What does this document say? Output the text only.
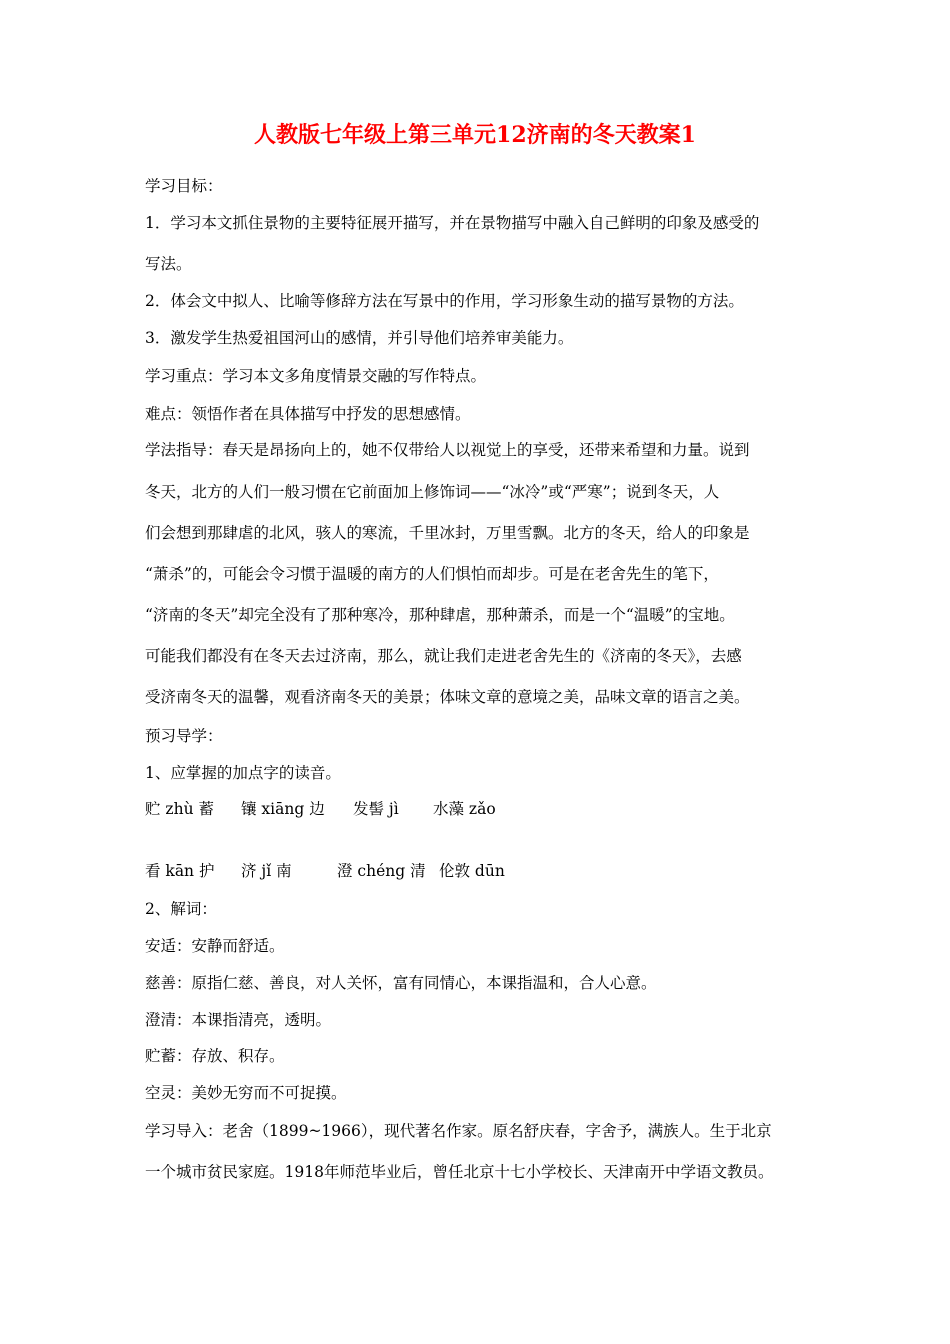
人教版七年级上第三单元12济南的冬天教案1
学习目标：
1．学习本文抓住景物的主要特征展开描写，并在景物描写中融入自己鲜明的印象及感受的
写法。
2．体会文中拟人、比喻等修辞方法在写景中的作用，学习形象生动的描写景物的方法。
3．激发学生热爱祖国河山的感情，并引导他们培养审美能力。
学习重点：学习本文多角度情景交融的写作特点。
难点：领悟作者在具体描写中抒发的思想感情。
学法指导：春天是昂扬向上的，她不仅带给人以视觉上的享受，还带来希望和力量。说到
冬天，北方的人们一般习惯在它前面加上修饰词——“冰冷”或“严寒”；说到冬天，人
们会想到那肆虐的北风，骇人的寒流，千里冰封，万里雪飘。北方的冬天，给人的印象是
“萧杀”的，可能会令习惯于温暖的南方的人们惧怕而却步。可是在老舍先生的笔下，
“济南的冬天”却完全没有了那种寒冷，那种肆虐，那种萧杀，而是一个“温暖”的宝地。
可能我们都没有在冬天去过济南，那么，就让我们走进老舍先生的《济南的冬天》，去感
受济南冬天的温馨，观看济南冬天的美景；体味文章的意境之美，品味文章的语言之美。
预习导学：
1、应掌握的加点字的读音。
贮 zhù 蓄 镶 xiāng 边 发髻 jì 水藻 zǎo
看 kān 护 济 jǐ 南	澄 chéng 清 伦敦 dūn
2、解词：
安适：安静而舒适。
慈善：原指仁慈、善良，对人关怀，富有同情心，本课指温和，合人心意。
澄清：本课指清亮，透明。
贮蓄：存放、积存。
空灵：美妙无穷而不可捉摸。
学习导入：老舍（1899~1966），现代著名作家。原名舒庆春，字舍予，满族人。生于北京
一个城市贫民家庭。1918年师范毕业后，曾任北京十七小学校长、天津南开中学语文教员。
